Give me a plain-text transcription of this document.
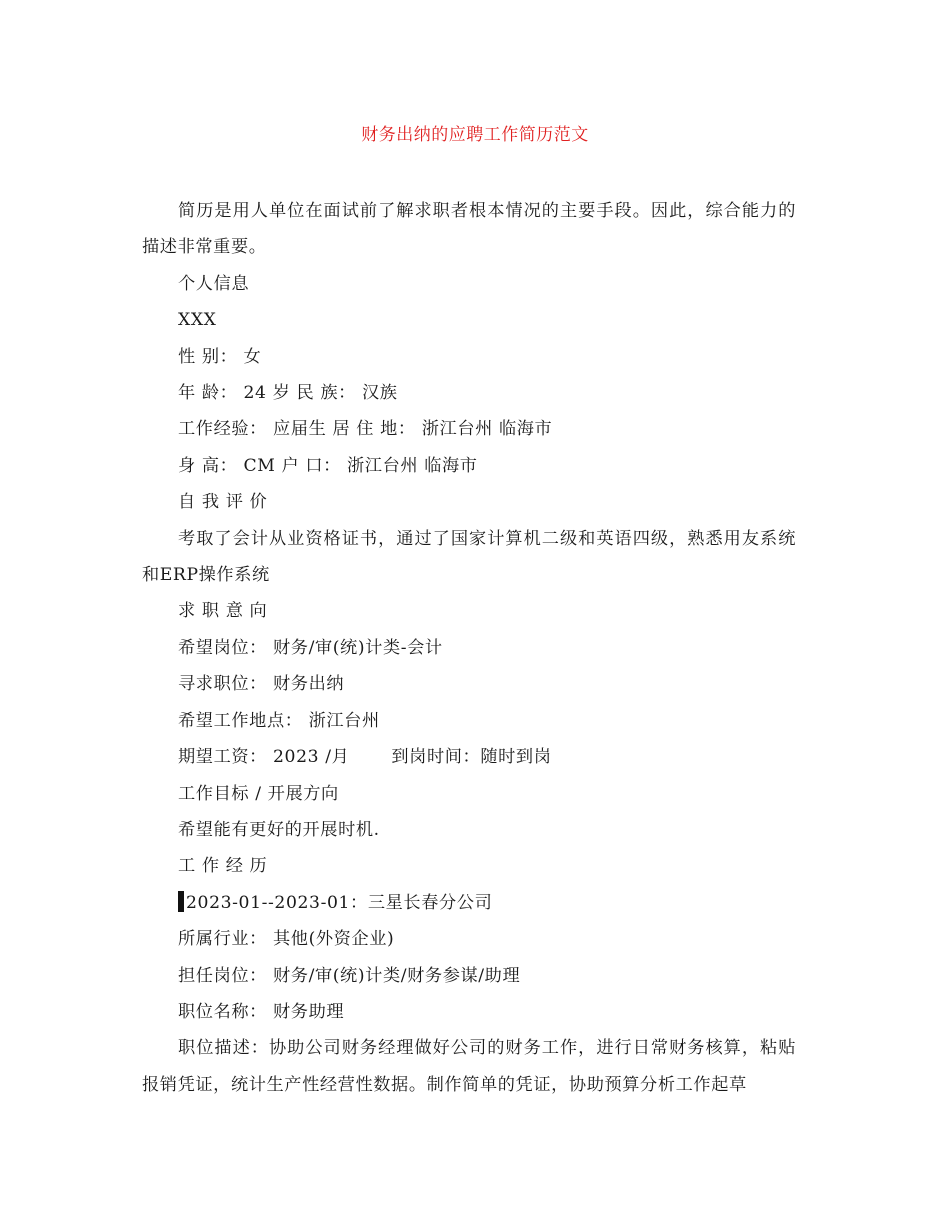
财务出纳的应聘工作简历范文

简历是用人单位在面试前了解求职者根本情况的主要手段。因此，综合能力的描述非常重要。

个人信息

XXX

性 别： 女

年 龄： 24 岁 民 族： 汉族

工作经验： 应届生 居 住 地： 浙江台州 临海市

身 高： CM 户 口： 浙江台州 临海市

自 我 评 价

考取了会计从业资格证书，通过了国家计算机二级和英语四级，熟悉用友系统和ERP操作系统

求 职 意 向

希望岗位： 财务/审(统)计类-会计

寻求职位： 财务出纳

希望工作地点： 浙江台州

期望工资： 2023 /月 到岗时间：随时到岗

工作目标 / 开展方向

希望能有更好的开展时机.

工 作 经 历

2023-01--2023-01：三星长春分公司

所属行业： 其他(外资企业)

担任岗位： 财务/审(统)计类/财务参谋/助理

职位名称： 财务助理

职位描述：协助公司财务经理做好公司的财务工作，进行日常财务核算，粘贴报销凭证，统计生产性经营性数据。制作简单的凭证，协助预算分析工作起草
